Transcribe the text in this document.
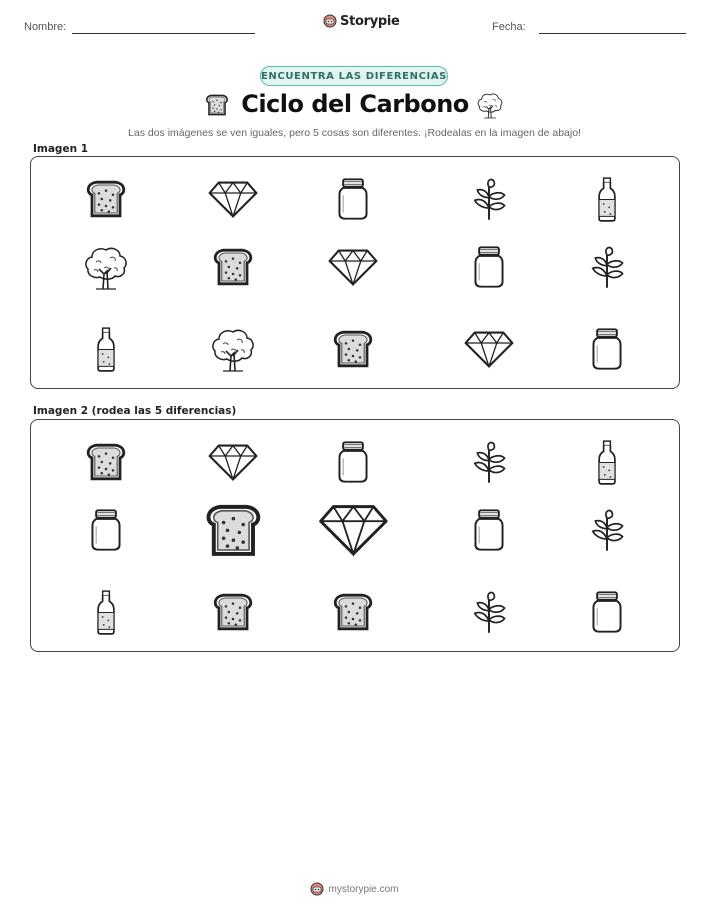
Nombre:	Storypie	Fecha:
ENCUENTRA LAS DIFERENCIAS
Ciclo del Carbono
Las dos imágenes se ven iguales, pero 5 cosas son diferentes. ¡Rodealas en la imagen de abajo!
Imagen 1
Imagen 2 (rodea las 5 diferencias)
mystorypie.com
